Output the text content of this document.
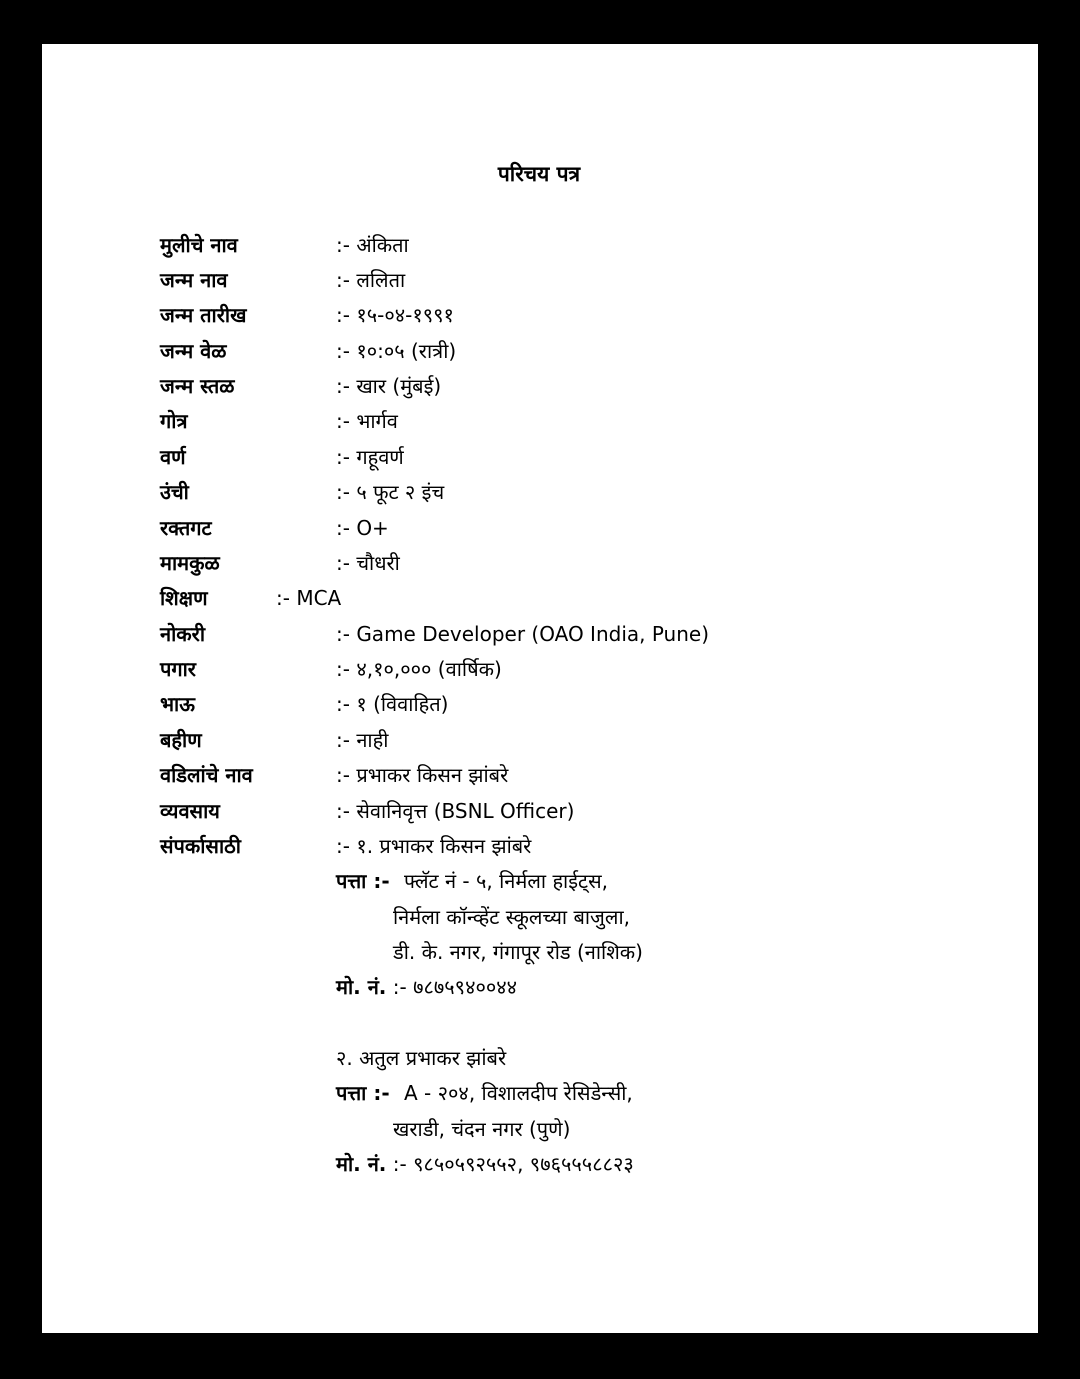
परिचय पत्र
मुलीचे नाव	:- अंकिता
जन्म नाव	:- ललिता
जन्म तारीख	:- १५-०४-१९९१
जन्म वेळ	:- १०:०५ (रात्री)
जन्म स्तळ	:- खार (मुंबई)
गोत्र	:- भार्गव
वर्ण	:- गहूवर्ण
उंची	:- ५ फूट २ इंच
रक्तगट	:- O+
मामकुळ	:- चौधरी
शिक्षण	:- MCA
नोकरी	:- Game Developer (OAO India, Pune)
पगार	:- ४,१०,००० (वार्षिक)
भाऊ	:- १ (विवाहित)
बहीण	:- नाही
वडिलांचे नाव	:- प्रभाकर किसन झांबरे
व्यवसाय	:- सेवानिवृत्त (BSNL Officer)
संपर्कासाठी	:- १. प्रभाकर किसन झांबरे
पत्ता :- फ्लॅट नं - ५, निर्मला हाईट्स,
निर्मला कॉन्व्हेंट स्कूलच्या बाजुला,
डी. के. नगर, गंगापूर रोड (नाशिक)
मो. नं. :- ७८७५९४००४४
२. अतुल प्रभाकर झांबरे
पत्ता :- A - २०४, विशालदीप रेसिडेन्सी,
खराडी, चंदन नगर (पुणे)
मो. नं. :- ९८५०५९२५५२, ९७६५५५८८२३
